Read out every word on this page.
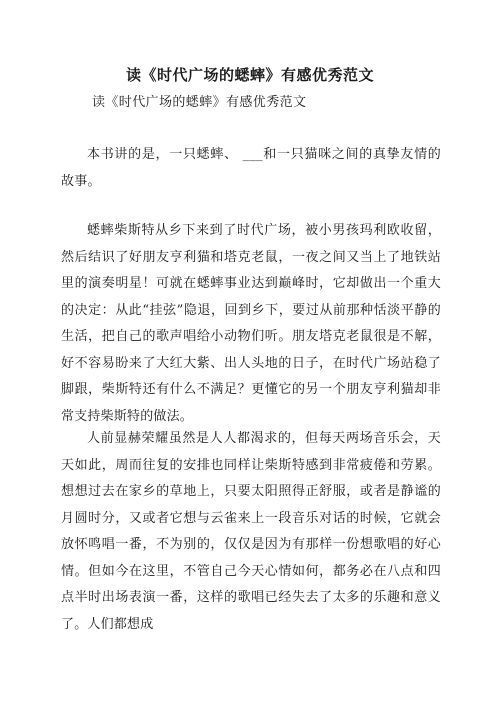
读《时代广场的蟋蟀》有感优秀范文
读《时代广场的蟋蟀》有感优秀范文

本书讲的是，一只蟋蟀、 ___和一只猫咪之间的真挚友情的故事。

蟋蟀柴斯特从乡下来到了时代广场，被小男孩玛利欧收留，然后结识了好朋友亨利猫和塔克老鼠，一夜之间又当上了地铁站里的演奏明星！可就在蟋蟀事业达到巅峰时，它却做出一个重大的决定：从此“挂弦”隐退，回到乡下，要过从前那种恬淡平静的生活，把自己的歌声唱给小动物们听。朋友塔克老鼠很是不解，好不容易盼来了大红大紫、出人头地的日子，在时代广场站稳了脚跟，柴斯特还有什么不满足？更懂它的另一个朋友亨利猫却非常支持柴斯特的做法。

人前显赫荣耀虽然是人人都渴求的，但每天两场音乐会，天天如此，周而往复的安排也同样让柴斯特感到非常疲倦和劳累。想想过去在家乡的草地上，只要太阳照得正舒服，或者是静谧的月圆时分，又或者它想与云雀来上一段音乐对话的时候，它就会放怀鸣唱一番，不为别的，仅仅是因为有那样一份想歌唱的好心情。但如今在这里，不管自己今天心情如何，都务必在八点和四点半时出场表演一番，这样的歌唱已经失去了太多的乐趣和意义了。人们都想成
